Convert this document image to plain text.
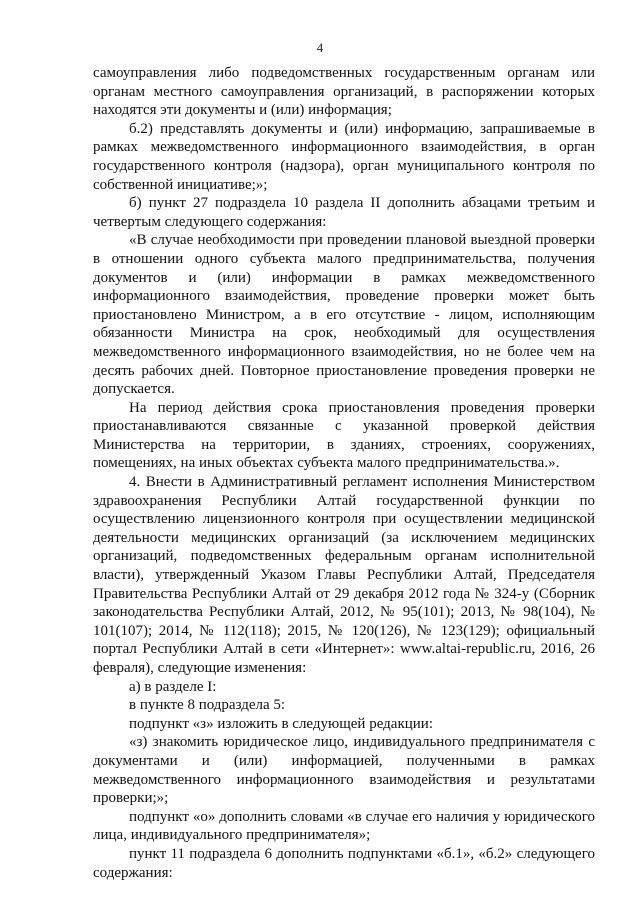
4

самоуправления либо подведомственных государственным органам или органам местного самоуправления организаций, в распоряжении которых находятся эти документы и (или) информация;

б.2) представлять документы и (или) информацию, запрашиваемые в рамках межведомственного информационного взаимодействия, в орган государственного контроля (надзора), орган муниципального контроля по собственной инициативе;»;

б) пункт 27 подраздела 10 раздела II дополнить абзацами третьим и четвертым следующего содержания:

«В случае необходимости при проведении плановой выездной проверки в отношении одного субъекта малого предпринимательства, получения документов и (или) информации в рамках межведомственного информационного взаимодействия, проведение проверки может быть приостановлено Министром, а в его отсутствие - лицом, исполняющим обязанности Министра на срок, необходимый для осуществления межведомственного информационного взаимодействия, но не более чем на десять рабочих дней. Повторное приостановление проведения проверки не допускается.

На период действия срока приостановления проведения проверки приостанавливаются связанные с указанной проверкой действия Министерства на территории, в зданиях, строениях, сооружениях, помещениях, на иных объектах субъекта малого предпринимательства.».

4. Внести в Административный регламент исполнения Министерством здравоохранения Республики Алтай государственной функции по осуществлению лицензионного контроля при осуществлении медицинской деятельности медицинских организаций (за исключением медицинских организаций, подведомственных федеральным органам исполнительной власти), утвержденный Указом Главы Республики Алтай, Председателя Правительства Республики Алтай от 29 декабря 2012 года № 324-у (Сборник законодательства Республики Алтай, 2012, № 95(101); 2013, № 98(104), № 101(107); 2014, № 112(118); 2015, № 120(126), № 123(129); официальный портал Республики Алтай в сети «Интернет»: www.altai-republic.ru, 2016, 26 февраля), следующие изменения:

а) в разделе I:

в пункте 8 подраздела 5:

подпункт «з» изложить в следующей редакции:

«з) знакомить юридическое лицо, индивидуального предпринимателя с документами и (или) информацией, полученными в рамках межведомственного информационного взаимодействия и результатами проверки;»;

подпункт «о» дополнить словами «в случае его наличия у юридического лица, индивидуального предпринимателя»;

пункт 11 подраздела 6 дополнить подпунктами «б.1», «б.2» следующего содержания:
